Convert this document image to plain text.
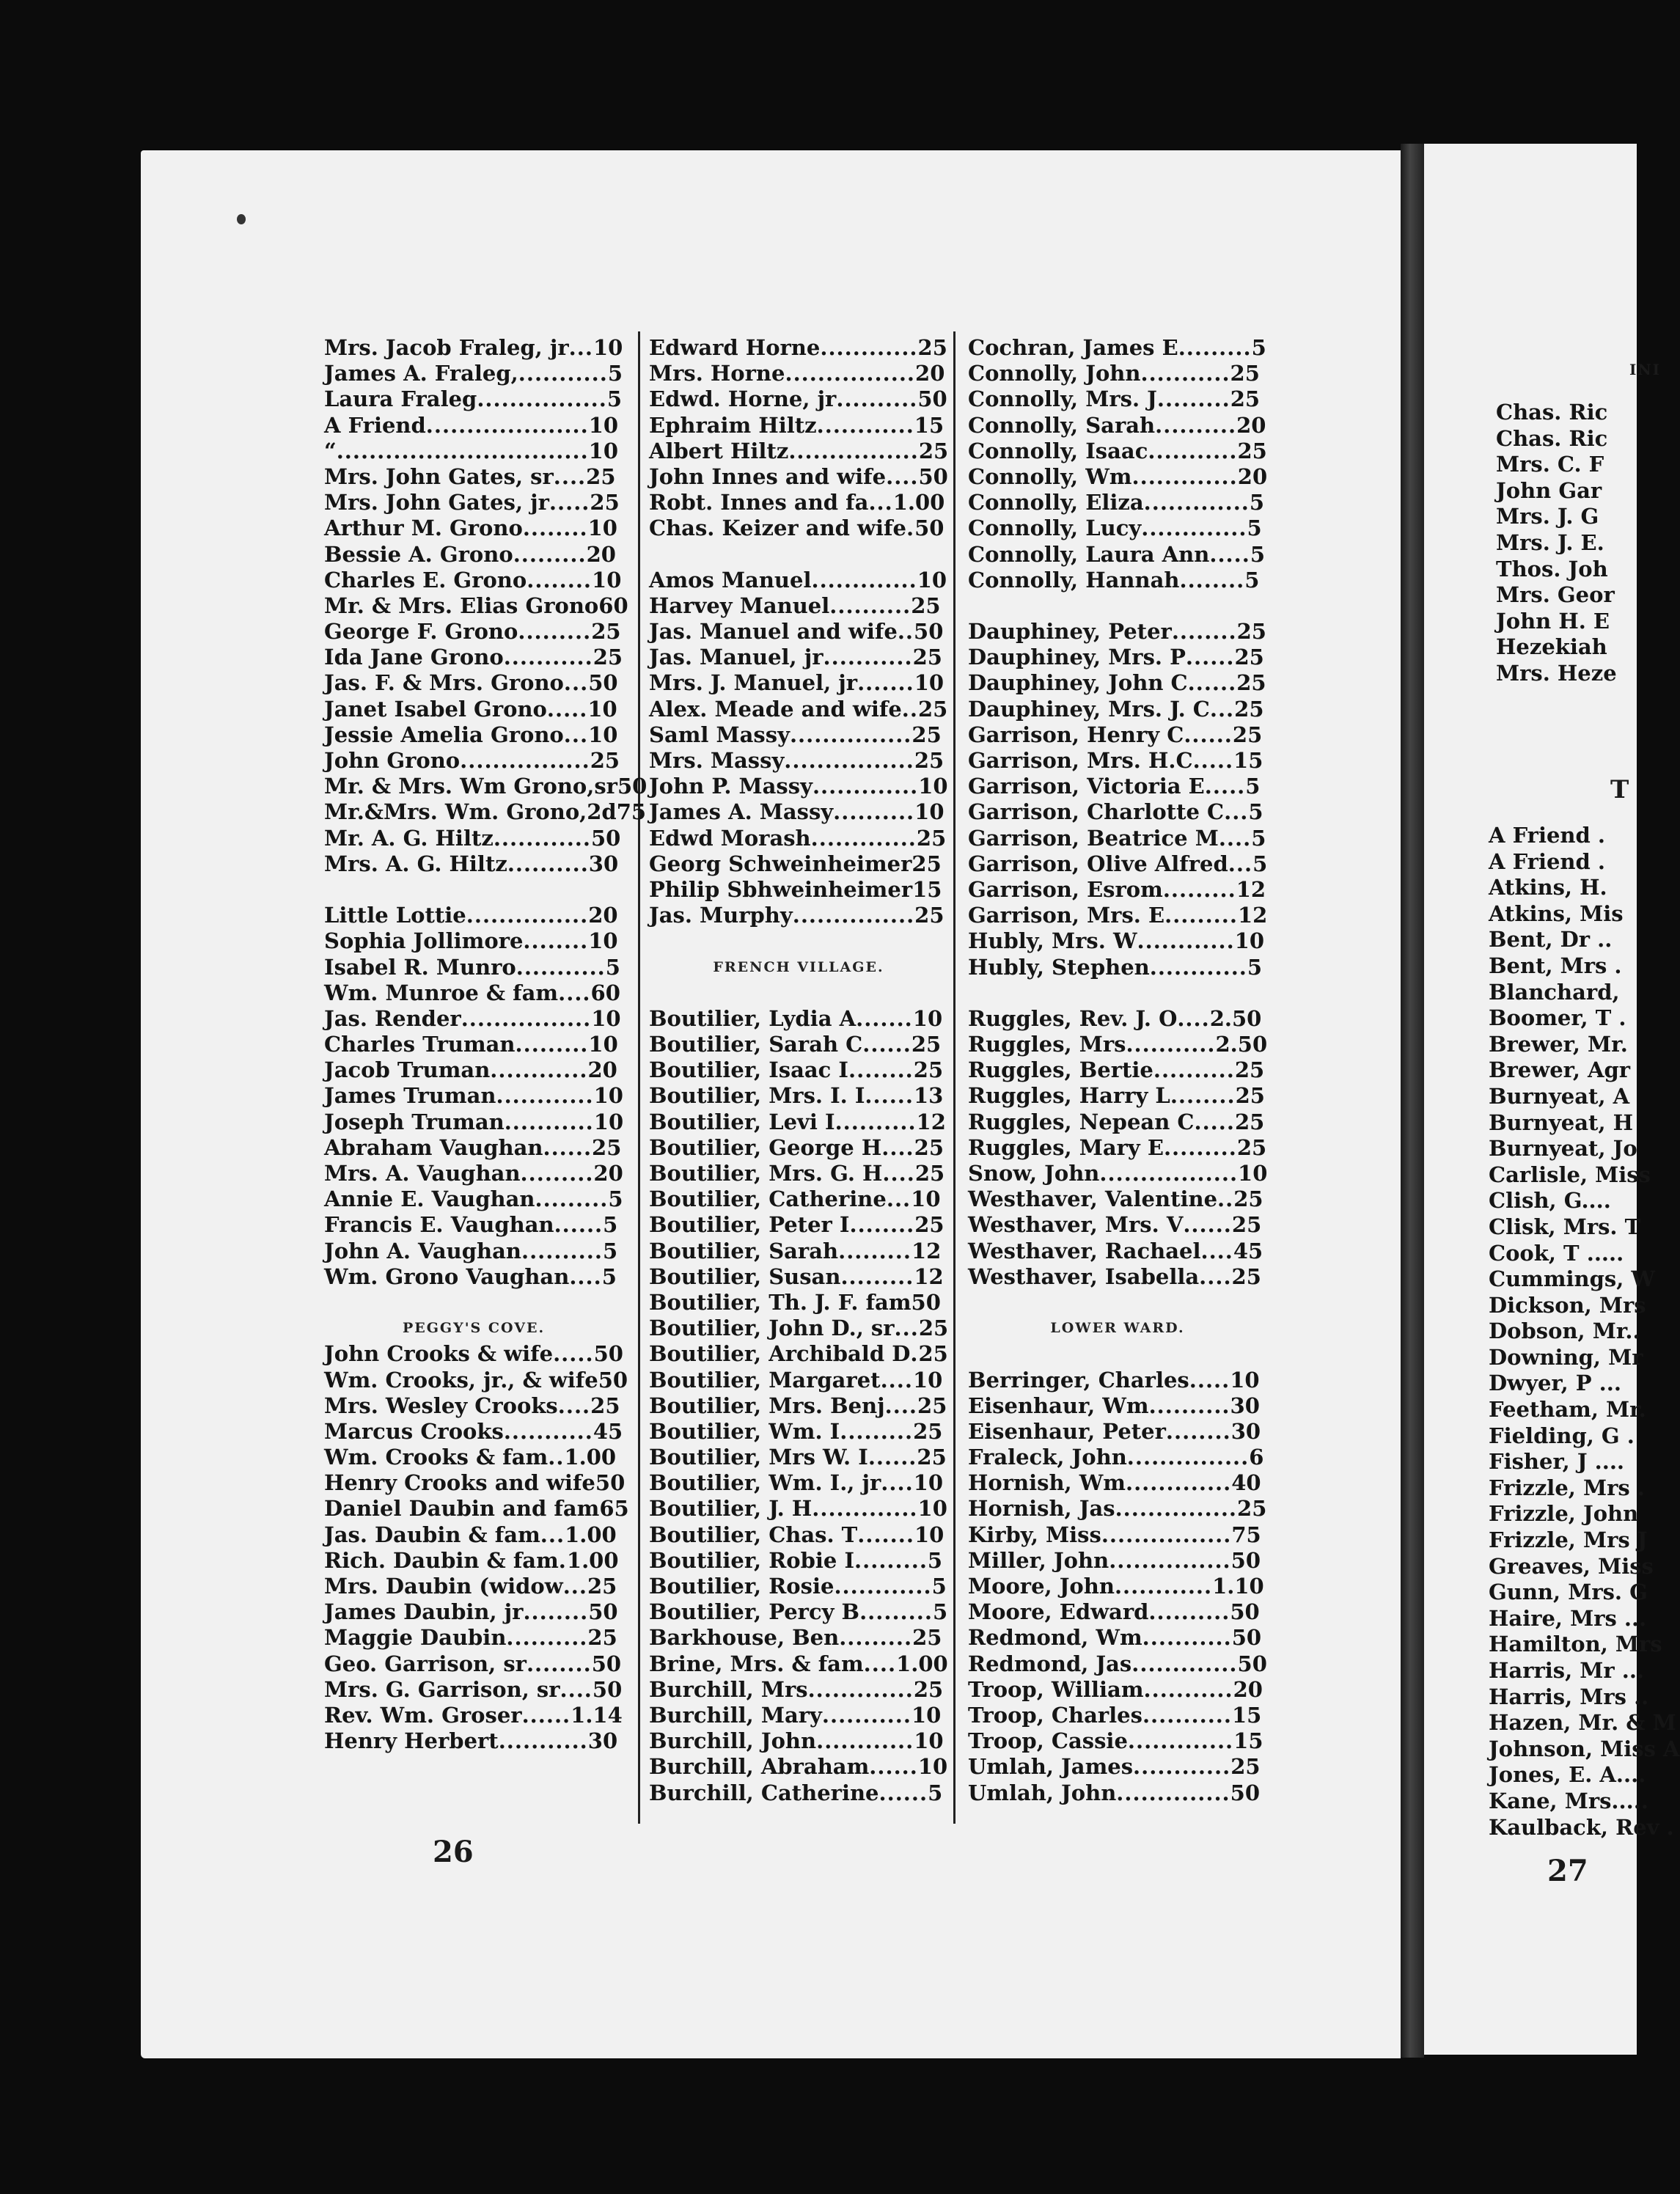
Mrs. Jacob Fraleg, jr...10
James A. Fraleg,...........5
Laura Fraleg................5
A Friend....................10
“...............................10
Mrs. John Gates, sr....25
Mrs. John Gates, jr.....25
Arthur M. Grono........10
Bessie A. Grono.........20
Charles E. Grono........10
Mr. & Mrs. Elias Grono60
George F. Grono.........25
Ida Jane Grono...........25
Jas. F. & Mrs. Grono...50
Janet Isabel Grono.....10
Jessie Amelia Grono...10
John Grono................25
Mr. & Mrs. Wm Grono,sr50
Mr.&Mrs. Wm. Grono,2d75
Mr. A. G. Hiltz............50
Mrs. A. G. Hiltz..........30
Little Lottie...............20
Sophia Jollimore........10
Isabel R. Munro...........5
Wm. Munroe & fam....60
Jas. Render................10
Charles Truman.........10
Jacob Truman............20
James Truman............10
Joseph Truman...........10
Abraham Vaughan......25
Mrs. A. Vaughan.........20
Annie E. Vaughan.........5
Francis E. Vaughan......5
John A. Vaughan..........5
Wm. Grono Vaughan....5
PEGGY'S COVE.
John Crooks & wife.....50
Wm. Crooks, jr., & wife50
Mrs. Wesley Crooks....25
Marcus Crooks...........45
Wm. Crooks & fam..1.00
Henry Crooks and wife50
Daniel Daubin and fam65
Jas. Daubin & fam...1.00
Rich. Daubin & fam.1.00
Mrs. Daubin (widow...25
James Daubin, jr........50
Maggie Daubin..........25
Geo. Garrison, sr........50
Mrs. G. Garrison, sr....50
Rev. Wm. Groser......1.14
Henry Herbert...........30
Edward Horne............25
Mrs. Horne................20
Edwd. Horne, jr..........50
Ephraim Hiltz............15
Albert Hiltz................25
John Innes and wife....50
Robt. Innes and fa...1.00
Chas. Keizer and wife.50
Amos Manuel.............10
Harvey Manuel..........25
Jas. Manuel and wife..50
Jas. Manuel, jr...........25
Mrs. J. Manuel, jr.......10
Alex. Meade and wife..25
Saml Massy...............25
Mrs. Massy................25
John P. Massy.............10
James A. Massy..........10
Edwd Morash.............25
Georg Schweinheimer25
Philip Sbhweinheimer15
Jas. Murphy...............25
FRENCH VILLAGE.
Boutilier, Lydia A.......10
Boutilier, Sarah C......25
Boutilier, Isaac I........25
Boutilier, Mrs. I. I......13
Boutilier, Levi I..........12
Boutilier, George H....25
Boutilier, Mrs. G. H....25
Boutilier, Catherine...10
Boutilier, Peter I........25
Boutilier, Sarah.........12
Boutilier, Susan.........12
Boutilier, Th. J. F. fam50
Boutilier, John D., sr...25
Boutilier, Archibald D.25
Boutilier, Margaret....10
Boutilier, Mrs. Benj....25
Boutilier, Wm. I.........25
Boutilier, Mrs W. I......25
Boutilier, Wm. I., jr....10
Boutilier, J. H.............10
Boutilier, Chas. T.......10
Boutilier, Robie I.........5
Boutilier, Rosie............5
Boutilier, Percy B.........5
Barkhouse, Ben.........25
Brine, Mrs. & fam....1.00
Burchill, Mrs.............25
Burchill, Mary...........10
Burchill, John............10
Burchill, Abraham......10
Burchill, Catherine......5
Cochran, James E.........5
Connolly, John...........25
Connolly, Mrs. J.........25
Connolly, Sarah..........20
Connolly, Isaac...........25
Connolly, Wm.............20
Connolly, Eliza.............5
Connolly, Lucy.............5
Connolly, Laura Ann.....5
Connolly, Hannah........5
Dauphiney, Peter........25
Dauphiney, Mrs. P......25
Dauphiney, John C......25
Dauphiney, Mrs. J. C...25
Garrison, Henry C......25
Garrison, Mrs. H.C.....15
Garrison, Victoria E.....5
Garrison, Charlotte C...5
Garrison, Beatrice M....5
Garrison, Olive Alfred...5
Garrison, Esrom.........12
Garrison, Mrs. E.........12
Hubly, Mrs. W............10
Hubly, Stephen............5
Ruggles, Rev. J. O....2.50
Ruggles, Mrs...........2.50
Ruggles, Bertie..........25
Ruggles, Harry L........25
Ruggles, Nepean C.....25
Ruggles, Mary E.........25
Snow, John.................10
Westhaver, Valentine..25
Westhaver, Mrs. V......25
Westhaver, Rachael....45
Westhaver, Isabella....25
LOWER WARD.
Berringer, Charles.....10
Eisenhaur, Wm..........30
Eisenhaur, Peter........30
Fraleck, John...............6
Hornish, Wm.............40
Hornish, Jas...............25
Kirby, Miss................75
Miller, John...............50
Moore, John............1.10
Moore, Edward..........50
Redmond, Wm...........50
Redmond, Jas.............50
Troop, William...........20
Troop, Charles...........15
Troop, Cassie.............15
Umlah, James............25
Umlah, John..............50
26
INI
Chas. Ric
Chas. Ric
Mrs. C. F
John Gar
Mrs. J. G
Mrs. J. E.
Thos. Joh
Mrs. Geor
John H. E
Hezekiah
Mrs. Heze
T
A Friend .
A Friend .
Atkins, H.
Atkins, Mis
Bent, Dr ..
Bent, Mrs .
Blanchard,
Boomer, T .
Brewer, Mr.
Brewer, Agr
Burnyeat, A
Burnyeat, H
Burnyeat, Jo
Carlisle, Miss
Clish, G....
Clisk, Mrs. T
Cook, T .....
Cummings, W
Dickson, Mrs
Dobson, Mr..
Downing, Mr
Dwyer, P ...
Feetham, Mr.
Fielding, G .
Fisher, J ....
Frizzle, Mrs .
Frizzle, John
Frizzle, Mrs J
Greaves, Miss
Gunn, Mrs. G
Haire, Mrs ...
Hamilton, Mrs
Harris, Mr ...
Harris, Mrs ..
Hazen, Mr. & M
Johnson, Miss A
Jones, E. A....
Kane, Mrs.....
Kaulback, Rev .
27
